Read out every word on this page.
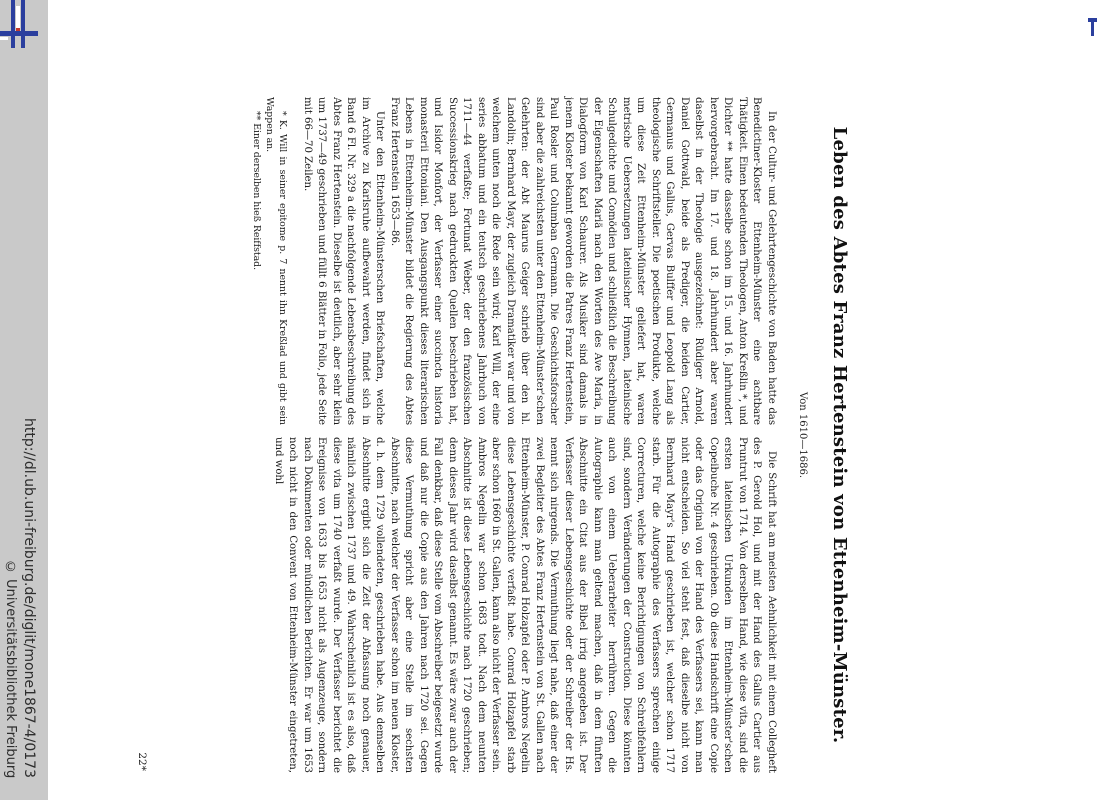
http://dl.ub.uni-freiburg.de/diglit/mone1867-4/0173
© Universitätsbibliothek Freiburg	Leben des Abtes Franz Hertenstein von Ettenheim-Münster.
Von 1610—1686.

In der Cultur- und Gelehrtengeschichte von Baden hatte das Benedictiner-Kloster Ettenheim-Münster eine achtbare Thätigkeit. Einen bedeutenden Theologen, Anton Kreßlin *, und Dichter ** hatte dasselbe schon im 15. und 16. Jahrhundert hervorgebracht. Im 17. und 18. Jahrhundert aber waren daselbst in der Theologie ausgezeichnet: Rüdiger Arnold, Daniel Gottwald, beide als Prediger, die beiden Cartier, Germanus und Gallus, Gervas Bulffer und Leopold Lang als theologische Schriftsteller. Die poetischen Produkte, welche um diese Zeit Ettenheim-Münster geliefert hat, waren metrische Uebersetzungen lateinischer Hymnen, lateinische Schulgedichte und Comödien und schließlich die Beschreibung der Eigenschaften Mariä nach den Worten des Ave Maria, in Dialogform von Karl Schaurer. Als Musiker sind damals in jenem Kloster bekannt geworden die Patres Franz Hertenstein, Paul Rosler und Columban Germann. Die Geschichtsforscher sind aber die zahlreichsten unter den Ettenheim-Münster'schen Gelehrten: der Abt Maurus Geiger schrieb über den hl. Landolin; Bernhard Mayr, der zugleich Dramatiker war und von welchem unten noch die Rede sein wird; Karl Will, der eine series abbatum und ein teutsch geschriebenes Jahrbuch von 1711—44 verfaßte; Fortunat Weber, der den französischen Successionskrieg nach gedruckten Quellen beschrieben hat, und Isidor Monfort, der Verfasser einer succincta historia monasterii Ettoniani. Den Ausgangspunkt dieses literarischen Lebens in Ettenheim-Münster bildet die Regierung des Abtes Franz Hertenstein 1653—86.

Unter den Ettenheim-Münsterschen Briefschaften, welche im Archive zu Karlsruhe aufbewahrt werden, findet sich in Band 6 Fl. Nr. 329 a die nachfolgende Lebensbeschreibung des Abtes Franz Hertenstein. Dieselbe ist deutlich, aber sehr klein um 1737—49 geschrieben und füllt 6 Blätter in Folio, jede Seite mit 66—70 Zeilen.

* K. Will in seiner epitome p. 7 nennt ihn Kreßlad und gibt sein Wappen an.

** Einer derselben hieß Reiffstad.

Die Schrift hat am meisten Aehnlichkeit mit einem Collegheft des P. Gerold Hol, und mit der Hand des Gallus Cartier aus Pruntrut von 1714. Von derselben Hand, wie diese vita, sind die ersten lateinischen Urkunden im Ettenheim-Münster'schen Copeibuche Nr. 4 geschrieben. Ob diese Handschrift eine Copie oder das Original von der Hand des Verfassers sei, kann man nicht entscheiden. So viel steht fest, daß dieselbe nicht von Bernhard Mayr's Hand geschrieben ist, welcher schon 1717 starb. Für die Autographie des Verfassers sprechen einige Correcturen, welche keine Berichtigungen von Schreibfehlern sind, sondern Veränderungen der Construction. Diese könnten auch von einem Ueberarbeiter herrühren. Gegen die Autographie kann man geltend machen, daß in dem fünften Abschnitte ein Citat aus der Bibel irrig angegeben ist. Der Verfasser dieser Lebensgeschichte oder der Schreiber der Hs. nennt sich nirgends. Die Vermuthung liegt nahe, daß einer der zwei Begleiter des Abtes Franz Hertenstein von St. Gallen nach Ettenheim-Münster, P. Conrad Holzapfel oder P. Ambros Negelin diese Lebensgeschichte verfaßt habe. Conrad Holzapfel starb aber schon 1660 in St. Gallen, kann also nicht der Verfasser sein. Ambros Negelin war schon 1683 todt. Nach dem neunten Abschnitte ist diese Lebensgeschichte nach 1720 geschrieben; denn dieses Jahr wird daselbst genannt. Es wäre zwar auch der Fall denkbar, daß diese Stelle vom Abschreiber beigesetzt wurde und daß nur die Copie aus den Jahren nach 1720 sei. Gegen diese Vermuthung spricht aber eine Stelle im sechsten Abschnitte, nach welcher der Verfasser schon im neuen Kloster, d. h. dem 1729 vollendeten, geschrieben habe. Aus demselben Abschnitte ergibt sich die Zeit der Abfassung noch genauer, nämlich zwischen 1737 und 49. Wahrscheinlich ist es also, daß diese vita um 1740 verfaßt wurde. Der Verfasser berichtet die Ereignisse von 1633 bis 1653 nicht als Augenzeuge, sondern nach Dokumenten oder mündlichen Berichten. Er war um 1653 noch nicht in den Convent von Ettenheim-Münster eingetreten, und wohl

22*
